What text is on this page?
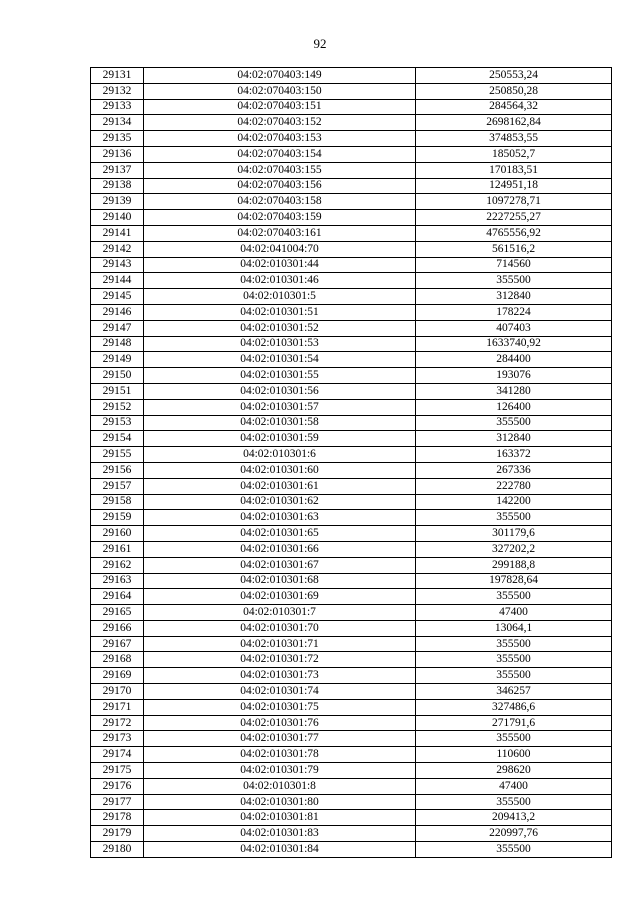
92
29131	04:02:070403:149	250553,24
29132	04:02:070403:150	250850,28
29133	04:02:070403:151	284564,32
29134	04:02:070403:152	2698162,84
29135	04:02:070403:153	374853,55
29136	04:02:070403:154	185052,7
29137	04:02:070403:155	170183,51
29138	04:02:070403:156	124951,18
29139	04:02:070403:158	1097278,71
29140	04:02:070403:159	2227255,27
29141	04:02:070403:161	4765556,92
29142	04:02:041004:70	561516,2
29143	04:02:010301:44	714560
29144	04:02:010301:46	355500
29145	04:02:010301:5	312840
29146	04:02:010301:51	178224
29147	04:02:010301:52	407403
29148	04:02:010301:53	1633740,92
29149	04:02:010301:54	284400
29150	04:02:010301:55	193076
29151	04:02:010301:56	341280
29152	04:02:010301:57	126400
29153	04:02:010301:58	355500
29154	04:02:010301:59	312840
29155	04:02:010301:6	163372
29156	04:02:010301:60	267336
29157	04:02:010301:61	222780
29158	04:02:010301:62	142200
29159	04:02:010301:63	355500
29160	04:02:010301:65	301179,6
29161	04:02:010301:66	327202,2
29162	04:02:010301:67	299188,8
29163	04:02:010301:68	197828,64
29164	04:02:010301:69	355500
29165	04:02:010301:7	47400
29166	04:02:010301:70	13064,1
29167	04:02:010301:71	355500
29168	04:02:010301:72	355500
29169	04:02:010301:73	355500
29170	04:02:010301:74	346257
29171	04:02:010301:75	327486,6
29172	04:02:010301:76	271791,6
29173	04:02:010301:77	355500
29174	04:02:010301:78	110600
29175	04:02:010301:79	298620
29176	04:02:010301:8	47400
29177	04:02:010301:80	355500
29178	04:02:010301:81	209413,2
29179	04:02:010301:83	220997,76
29180	04:02:010301:84	355500
